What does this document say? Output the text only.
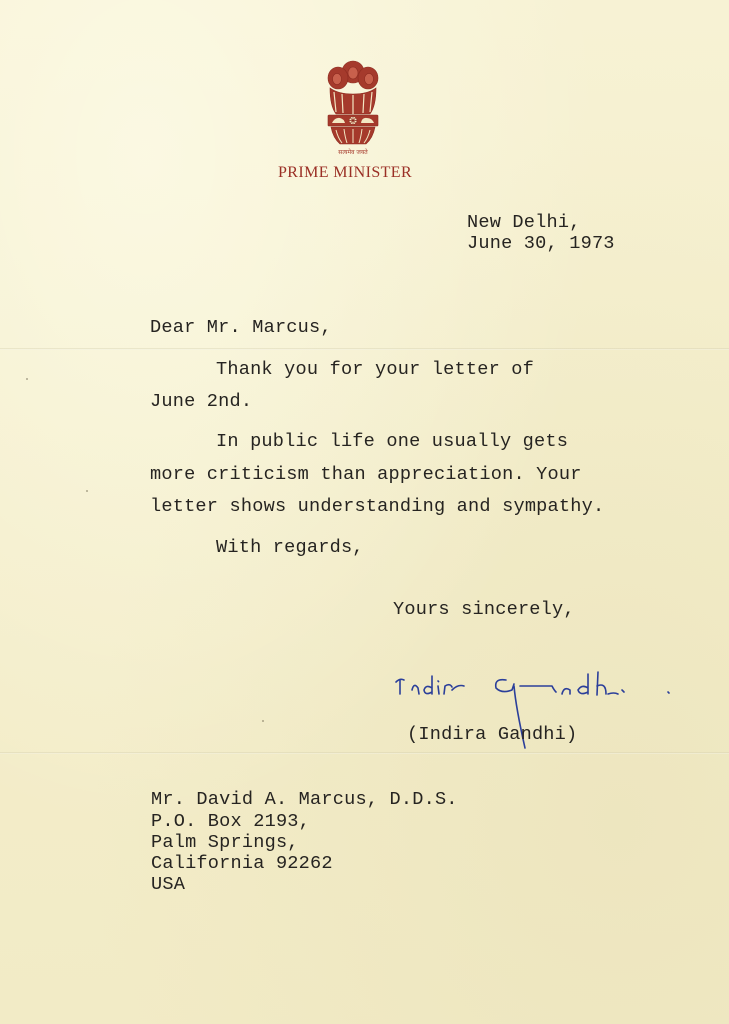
सत्यमेव जयते
PRIME MINISTER
New Delhi,
June 30, 1973
Dear Mr. Marcus,
Thank you for your letter of
June 2nd.
In public life one usually gets
more criticism than appreciation. Your
letter shows understanding and sympathy.
With regards,
Yours sincerely,
(Indira Gandhi)
Mr. David A. Marcus, D.D.S.
P.O. Box 2193,
Palm Springs,
California 92262
USA
